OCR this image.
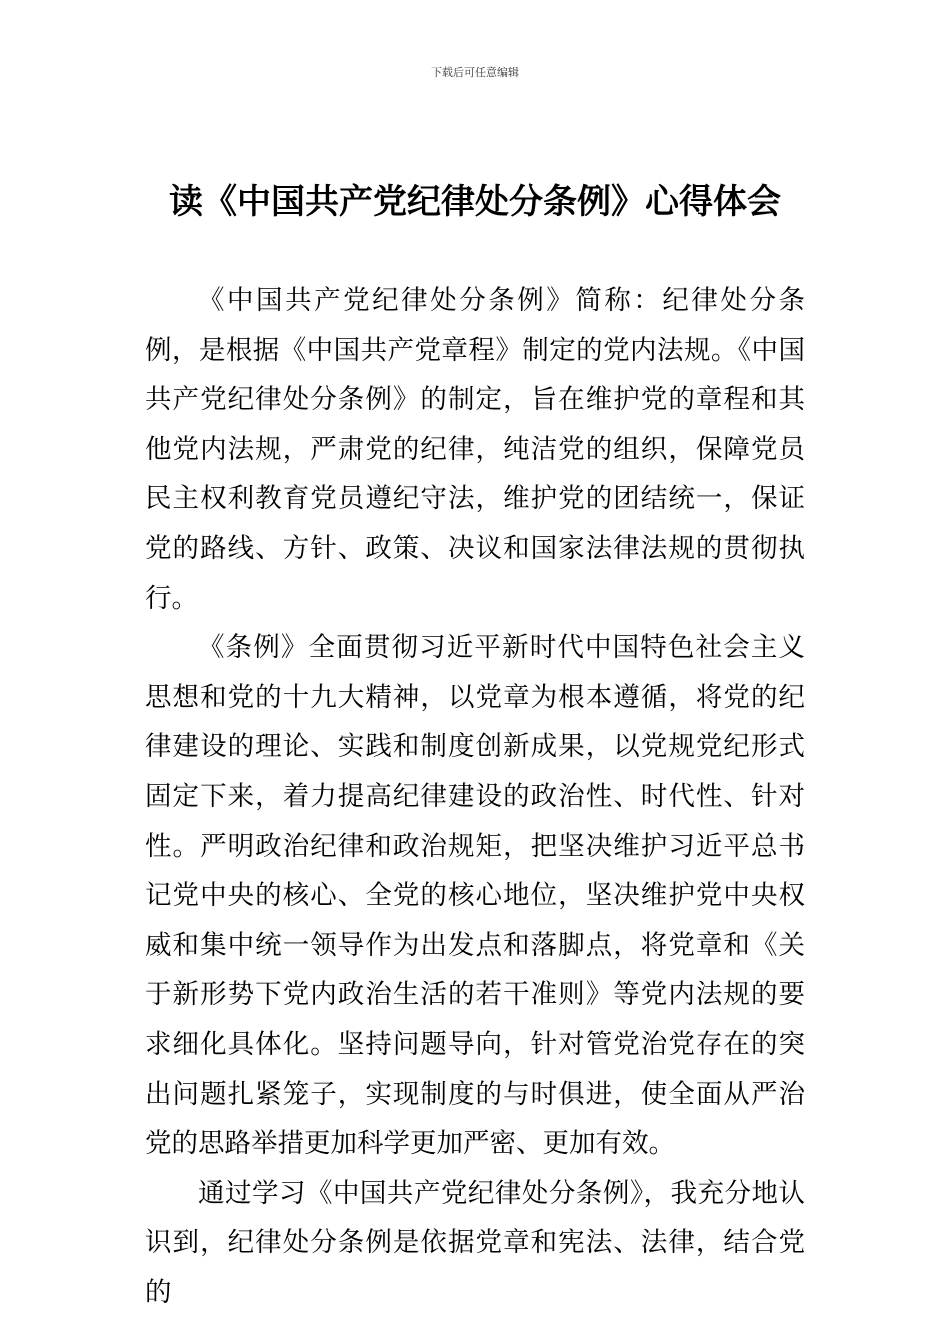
下载后可任意编辑
读《中国共产党纪律处分条例》心得体会

《中国共产党纪律处分条例》简称：纪律处分条例，是根据《中国共产党章程》制定的党内法规。《中国共产党纪律处分条例》的制定，旨在维护党的章程和其他党内法规，严肃党的纪律，纯洁党的组织，保障党员民主权利教育党员遵纪守法，维护党的团结统一，保证党的路线、方针、政策、决议和国家法律法规的贯彻执行。

《条例》全面贯彻习近平新时代中国特色社会主义思想和党的十九大精神，以党章为根本遵循，将党的纪律建设的理论、实践和制度创新成果，以党规党纪形式固定下来，着力提高纪律建设的政治性、时代性、针对性。严明政治纪律和政治规矩，把坚决维护习近平总书记党中央的核心、全党的核心地位，坚决维护党中央权威和集中统一领导作为出发点和落脚点，将党章和《关于新形势下党内政治生活的若干准则》等党内法规的要求细化具体化。坚持问题导向，针对管党治党存在的突出问题扎紧笼子，实现制度的与时俱进，使全面从严治党的思路举措更加科学更加严密、更加有效。

通过学习《中国共产党纪律处分条例》，我充分地认识到，纪律处分条例是依据党章和宪法、法律，结合党的
